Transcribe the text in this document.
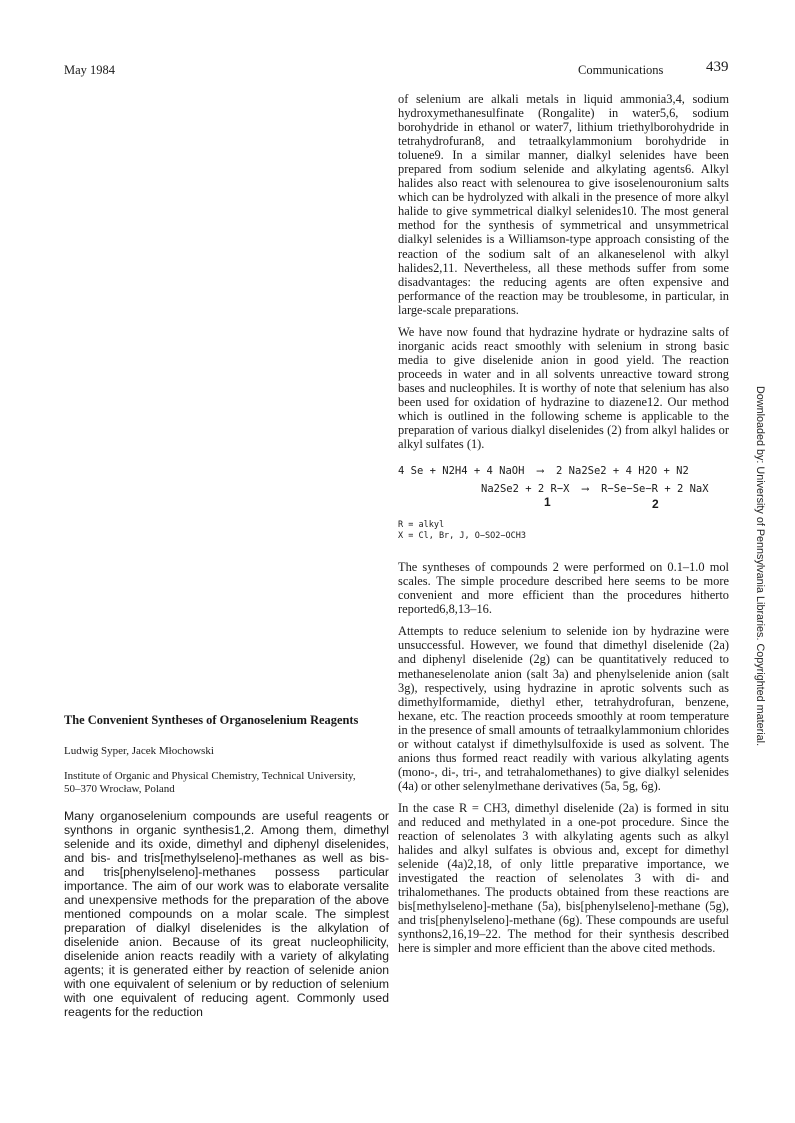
May 1984	Communications	439

of selenium are alkali metals in liquid ammonia3,4, sodium hydroxymethanesulfinate (Rongalite) in water5,6, sodium borohydride in ethanol or water7, lithium triethylborohydride in tetrahydrofuran8, and tetraalkylammonium borohydride in toluene9. In a similar manner, dialkyl selenides have been prepared from sodium selenide and alkylating agents6. Alkyl halides also react with selenourea to give isoselenouronium salts which can be hydrolyzed with alkali in the presence of more alkyl halide to give symmetrical dialkyl selenides10. The most general method for the synthesis of symmetrical and unsymmetrical dialkyl selenides is a Williamson-type approach consisting of the reaction of the sodium salt of an alkaneselenol with alkyl halides2,11. Nevertheless, all these methods suffer from some disadvantages: the reducing agents are often expensive and performance of the reaction may be troublesome, in particular, in large-scale preparations.

We have now found that hydrazine hydrate or hydrazine salts of inorganic acids react smoothly with selenium in strong basic media to give diselenide anion in good yield. The reaction proceeds in water and in all solvents unreactive toward strong bases and nucleophiles. It is worthy of note that selenium has also been used for oxidation of hydrazine to diazene12. Our method which is outlined in the following scheme is applicable to the preparation of various dialkyl diselenides (2) from alkyl halides or alkyl sulfates (1).

4 Se + N2H4 + 4 NaOH  ⟶  2 Na2Se2 + 4 H2O + N2
Na2Se2 + 2 R−X  ⟶  R−Se−Se−R + 2 NaX
1	2
R = alkyl
X = Cl, Br, J, O−SO2−OCH3

The syntheses of compounds 2 were performed on 0.1–1.0 mol scales. The simple procedure described here seems to be more convenient and more efficient than the procedures hitherto reported6,8,13–16.

Attempts to reduce selenium to selenide ion by hydrazine were unsuccessful. However, we found that dimethyl diselenide (2a) and diphenyl diselenide (2g) can be quantitatively reduced to methaneselenolate anion (salt 3a) and phenylselenide anion (salt 3g), respectively, using hydrazine in aprotic solvents such as dimethylformamide, diethyl ether, tetrahydrofuran, benzene, hexane, etc. The reaction proceeds smoothly at room temperature in the presence of small amounts of tetraalkylammonium chlorides or without catalyst if dimethylsulfoxide is used as solvent. The anions thus formed react readily with various alkylating agents (mono-, di-, tri-, and tetrahalomethanes) to give dialkyl selenides (4a) or other selenylmethane derivatives (5a, 5g, 6g).

In the case R = CH3, dimethyl diselenide (2a) is formed in situ and reduced and methylated in a one-pot procedure. Since the reaction of selenolates 3 with alkylating agents such as alkyl halides and alkyl sulfates is obvious and, except for dimethyl selenide (4a)2,18, of only little preparative importance, we investigated the reaction of selenolates 3 with di- and trihalomethanes. The products obtained from these reactions are bis[methylseleno]-methane (5a), bis[phenylseleno]-methane (5g), and tris[phenylseleno]-methane (6g). These compounds are useful synthons2,16,19–22. The method for their synthesis described here is simpler and more efficient than the above cited methods.

The Convenient Syntheses of Organoselenium Reagents

Ludwig Syper, Jacek Młochowski

Institute of Organic and Physical Chemistry, Technical University,
50–370 Wrocław, Poland

Many organoselenium compounds are useful reagents or synthons in organic synthesis1,2. Among them, dimethyl selenide and its oxide, dimethyl and diphenyl diselenides, and bis- and tris[methylseleno]-methanes as well as bis- and tris[phenylseleno]-methanes possess particular importance. The aim of our work was to elaborate versalite and unexpensive methods for the preparation of the above mentioned compounds on a molar scale. The simplest preparation of dialkyl diselenides is the alkylation of diselenide anion. Because of its great nucleophilicity, diselenide anion reacts readily with a variety of alkylating agents; it is generated either by reaction of selenide anion with one equivalent of selenium or by reduction of selenium with one equivalent of reducing agent. Commonly used reagents for the reduction

Downloaded by: University of Pennsylvania Libraries. Copyrighted material.
